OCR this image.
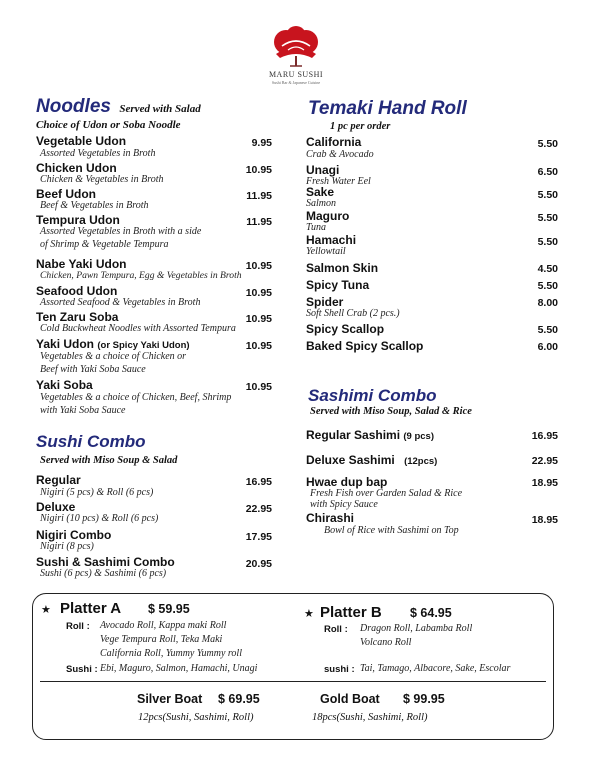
MARU SUSHI
Sushi Bar & Japanese Cuisine
Noodles Served with Salad
Choice of Udon or Soba Noodle
Vegetable Udon	9.95
Assorted Vegetables in Broth
Chicken Udon	10.95
Chicken & Vegetables in Broth
Beef Udon	11.95
Beef & Vegetables in Broth
Tempura Udon	11.95
Assorted Vegetables in Broth with a side
of Shrimp & Vegetable Tempura
Nabe Yaki Udon	10.95
Chicken, Pawn Tempura, Egg & Vegetables in Broth
Seafood Udon	10.95
Assorted Seafood & Vegetables in Broth
Ten Zaru Soba	10.95
Cold Buckwheat Noodles with Assorted Tempura
Yaki Udon (or Spicy Yaki Udon)	10.95
Vegetables & a choice of Chicken or
Beef with Yaki Soba Sauce
Yaki Soba	10.95
Vegetables & a choice of Chicken, Beef, Shrimp
with Yaki Soba Sauce
Sushi Combo
Served with Miso Soup & Salad
Regular	16.95
Nigiri (5 pcs) & Roll (6 pcs)
Deluxe	22.95
Nigiri (10 pcs) & Roll (6 pcs)
Nigiri Combo	17.95
Nigiri (8 pcs)
Sushi & Sashimi Combo	20.95
Sushi (6 pcs) & Sashimi (6 pcs)
Temaki Hand Roll
1 pc per order
California	5.50
Crab & Avocado
Unagi	6.50
Fresh Water Eel
Sake	5.50
Salmon
Maguro	5.50
Tuna
Hamachi	5.50
Yellowtail
Salmon Skin	4.50
Spicy Tuna	5.50
Spider	8.00
Soft Shell Crab (2 pcs.)
Spicy Scallop	5.50
Baked Spicy Scallop	6.00
Sashimi Combo
Served with Miso Soup, Salad & Rice
Regular Sashimi (9 pcs)	16.95
Deluxe Sashimi (12pcs)	22.95
Hwae dup bap	18.95
Fresh Fish over Garden Salad & Rice
with Spicy Sauce
Chirashi	18.95
Bowl of Rice with Sashimi on Top
★ Platter A $ 59.95
Roll : Avocado Roll, Kappa maki Roll
Vege Tempura Roll, Teka Maki
California Roll, Yummy Yummy roll
Sushi : Ebi, Maguro, Salmon, Hamachi, Unagi
★ Platter B $ 64.95
Roll : Dragon Roll, Labamba Roll
Volcano Roll
sushi : Tai, Tamago, Albacore, Sake, Escolar
Silver Boat $ 69.95
12pcs(Sushi, Sashimi, Roll)
Gold Boat $ 99.95
18pcs(Sushi, Sashimi, Roll)
